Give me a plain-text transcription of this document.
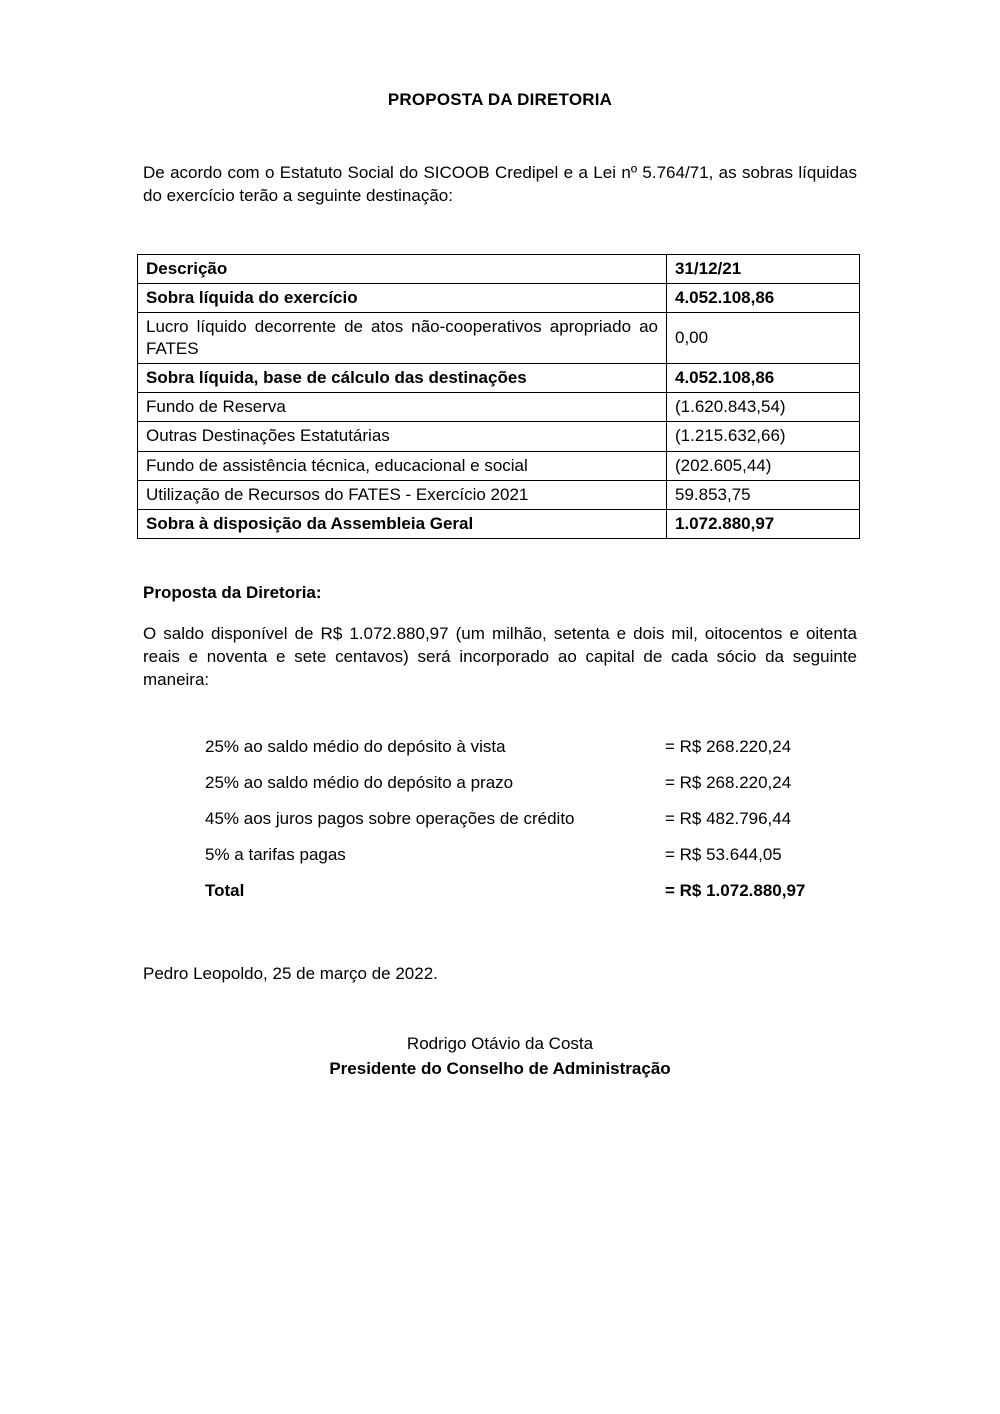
PROPOSTA DA DIRETORIA

De acordo com o Estatuto Social do SICOOB Credipel e a Lei nº 5.764/71, as sobras líquidas do exercício terão a seguinte destinação:

Descrição	31/12/21
Sobra líquida do exercício	4.052.108,86
Lucro líquido decorrente de atos não-cooperativos apropriado ao FATES	0,00
Sobra líquida, base de cálculo das destinações	4.052.108,86
Fundo de Reserva	(1.620.843,54)
Outras Destinações Estatutárias	(1.215.632,66)
Fundo de assistência técnica, educacional e social	(202.605,44)
Utilização de Recursos do FATES - Exercício 2021	59.853,75
Sobra à disposição da Assembleia Geral	1.072.880,97

Proposta da Diretoria:

O saldo disponível de R$ 1.072.880,97 (um milhão, setenta e dois mil, oitocentos e oitenta reais e noventa e sete centavos) será incorporado ao capital de cada sócio da seguinte maneira:

25% ao saldo médio do depósito à vista	= R$ 268.220,24
25% ao saldo médio do depósito a prazo	= R$ 268.220,24
45% aos juros pagos sobre operações de crédito	= R$ 482.796,44
5% a tarifas pagas	= R$ 53.644,05
Total	= R$ 1.072.880,97

Pedro Leopoldo, 25 de março de 2022.

Rodrigo Otávio da Costa
Presidente do Conselho de Administração
